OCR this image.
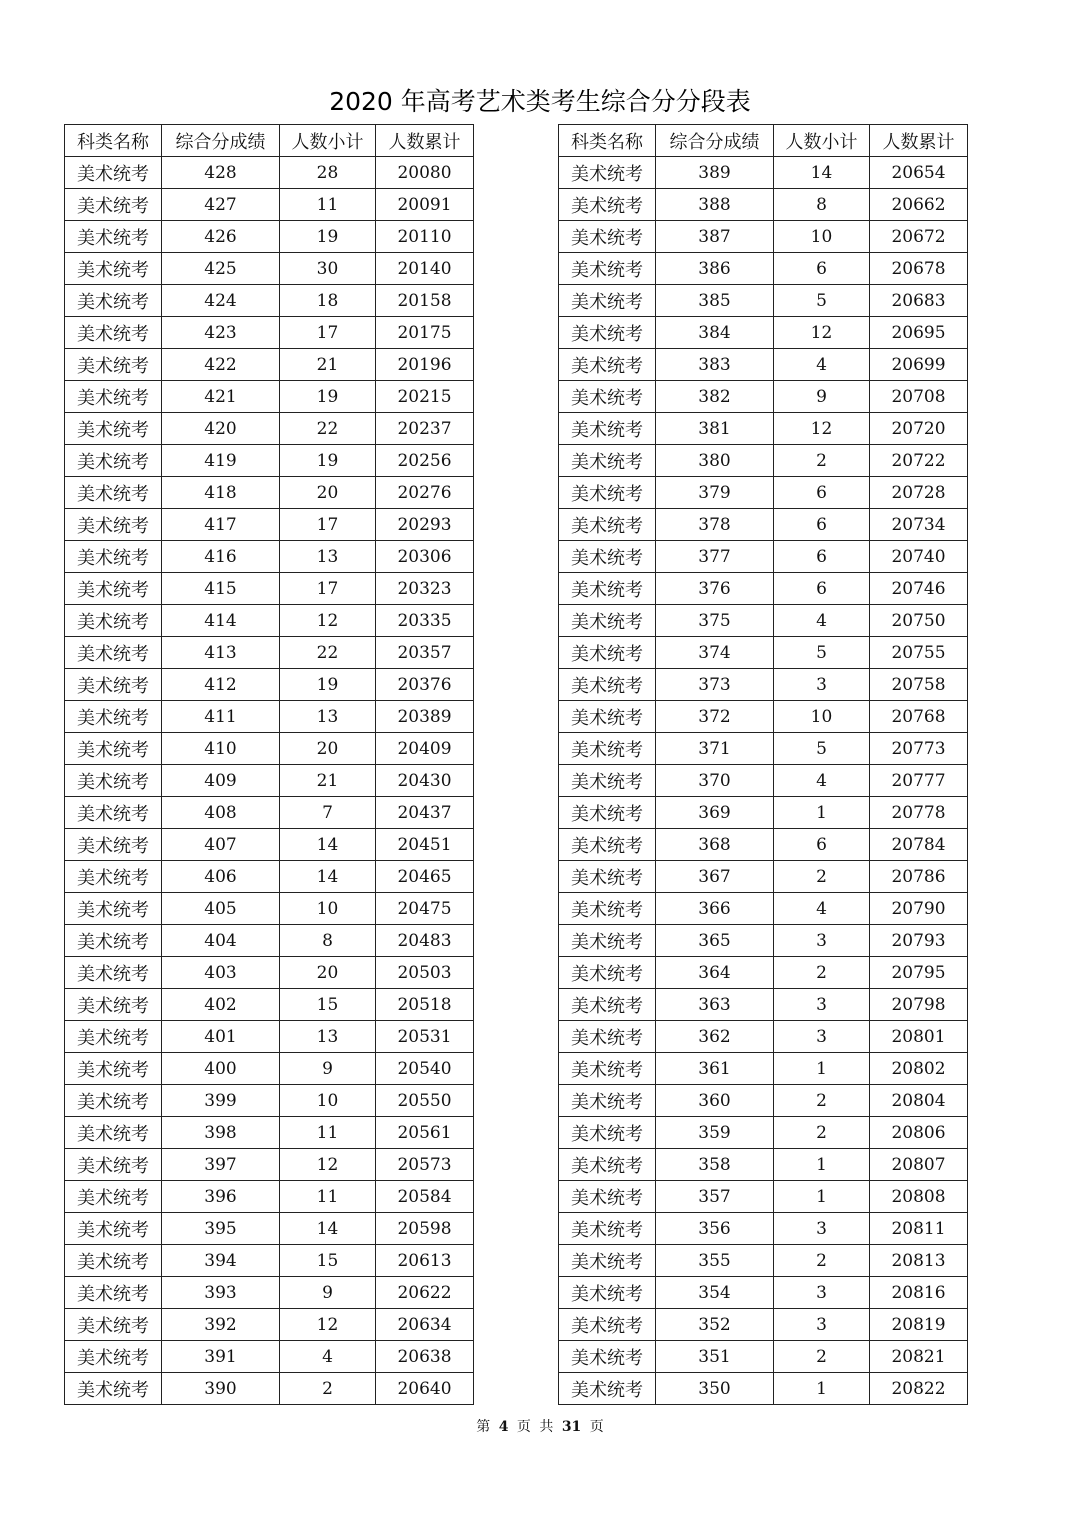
2020 年高考艺术类考生综合分分段表
科类名称	综合分成绩	人数小计	人数累计
美术统考	428	28	20080
美术统考	427	11	20091
美术统考	426	19	20110
美术统考	425	30	20140
美术统考	424	18	20158
美术统考	423	17	20175
美术统考	422	21	20196
美术统考	421	19	20215
美术统考	420	22	20237
美术统考	419	19	20256
美术统考	418	20	20276
美术统考	417	17	20293
美术统考	416	13	20306
美术统考	415	17	20323
美术统考	414	12	20335
美术统考	413	22	20357
美术统考	412	19	20376
美术统考	411	13	20389
美术统考	410	20	20409
美术统考	409	21	20430
美术统考	408	7	20437
美术统考	407	14	20451
美术统考	406	14	20465
美术统考	405	10	20475
美术统考	404	8	20483
美术统考	403	20	20503
美术统考	402	15	20518
美术统考	401	13	20531
美术统考	400	9	20540
美术统考	399	10	20550
美术统考	398	11	20561
美术统考	397	12	20573
美术统考	396	11	20584
美术统考	395	14	20598
美术统考	394	15	20613
美术统考	393	9	20622
美术统考	392	12	20634
美术统考	391	4	20638
美术统考	390	2	20640
科类名称	综合分成绩	人数小计	人数累计
美术统考	389	14	20654
美术统考	388	8	20662
美术统考	387	10	20672
美术统考	386	6	20678
美术统考	385	5	20683
美术统考	384	12	20695
美术统考	383	4	20699
美术统考	382	9	20708
美术统考	381	12	20720
美术统考	380	2	20722
美术统考	379	6	20728
美术统考	378	6	20734
美术统考	377	6	20740
美术统考	376	6	20746
美术统考	375	4	20750
美术统考	374	5	20755
美术统考	373	3	20758
美术统考	372	10	20768
美术统考	371	5	20773
美术统考	370	4	20777
美术统考	369	1	20778
美术统考	368	6	20784
美术统考	367	2	20786
美术统考	366	4	20790
美术统考	365	3	20793
美术统考	364	2	20795
美术统考	363	3	20798
美术统考	362	3	20801
美术统考	361	1	20802
美术统考	360	2	20804
美术统考	359	2	20806
美术统考	358	1	20807
美术统考	357	1	20808
美术统考	356	3	20811
美术统考	355	2	20813
美术统考	354	3	20816
美术统考	352	3	20819
美术统考	351	2	20821
美术统考	350	1	20822
第 4 页 共 31 页
